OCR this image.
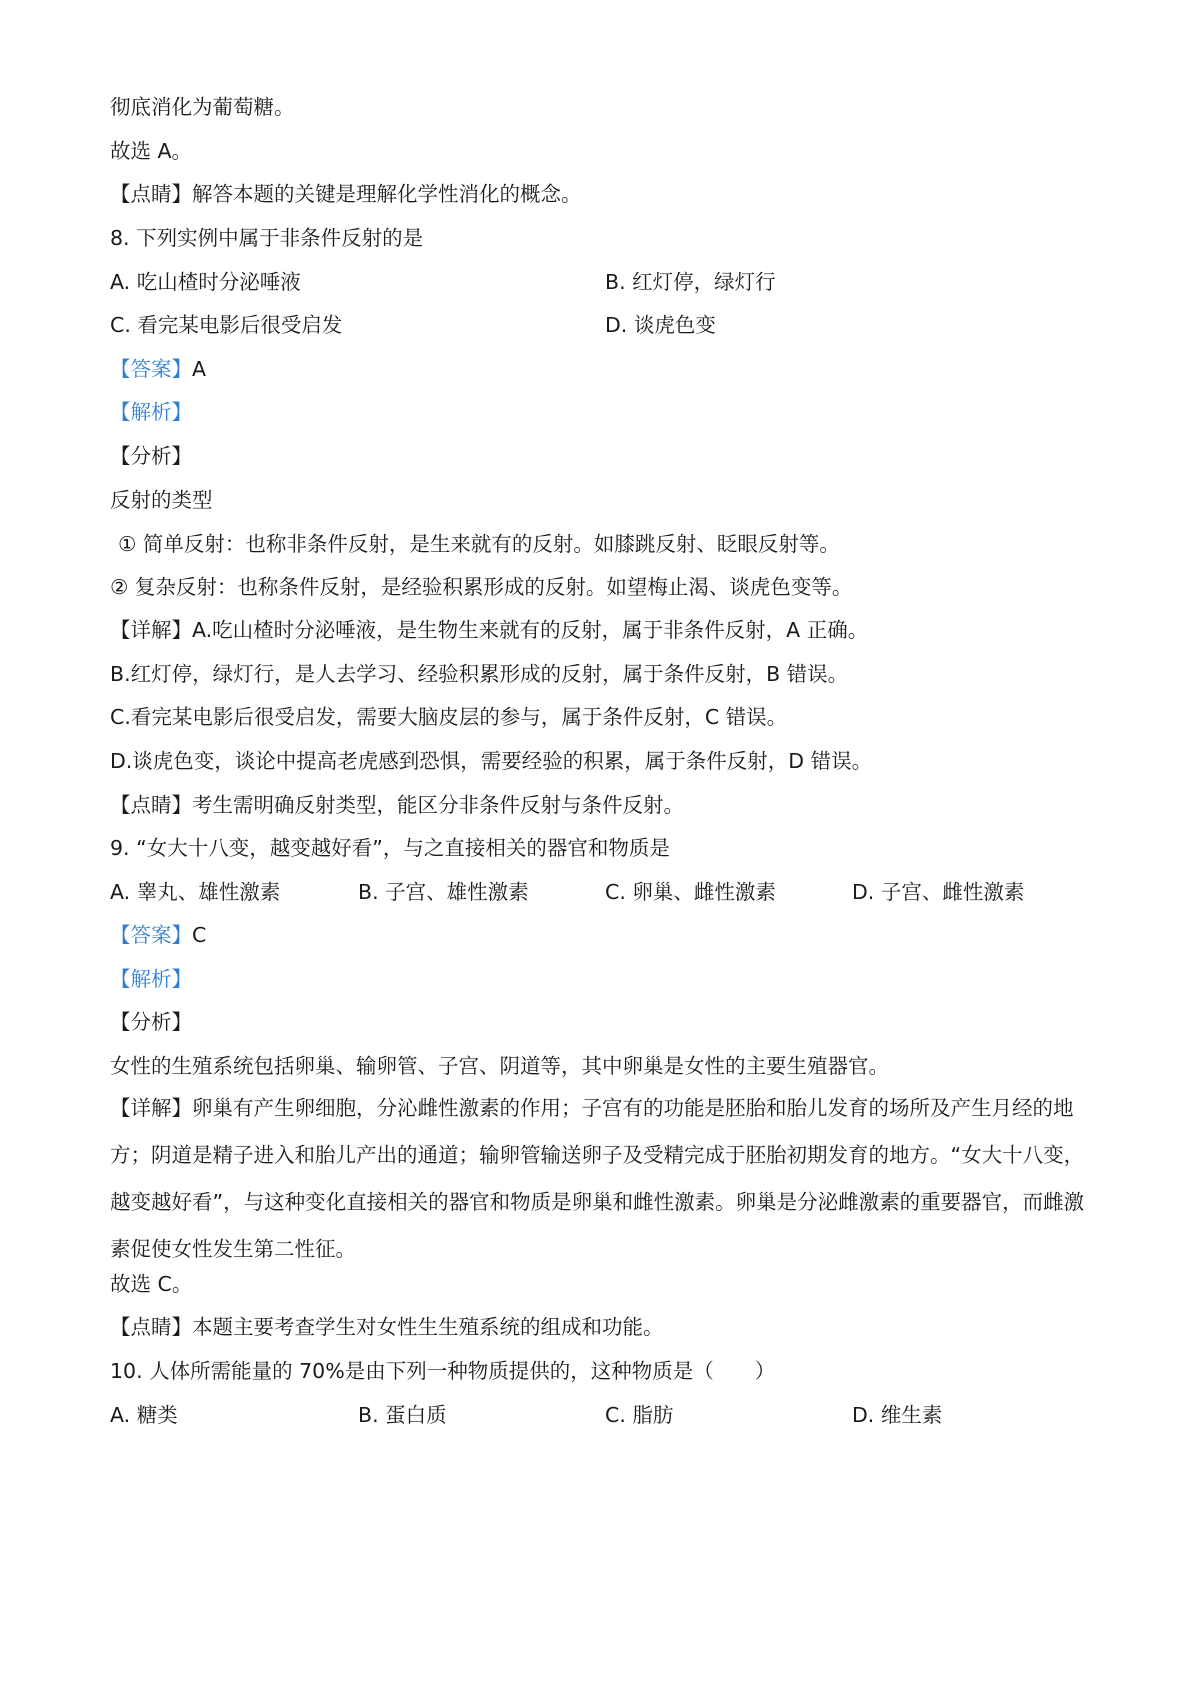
彻底消化为葡萄糖。
故选 A。
【点睛】解答本题的关键是理解化学性消化的概念。
8. 下列实例中属于非条件反射的是
A. 吃山楂时分泌唾液	B. 红灯停，绿灯行
C. 看完某电影后很受启发	D. 谈虎色变
【答案】A
【解析】
【分析】
反射的类型
① 简单反射：也称非条件反射，是生来就有的反射。如膝跳反射、眨眼反射等。
② 复杂反射：也称条件反射，是经验积累形成的反射。如望梅止渴、谈虎色变等。
【详解】A.吃山楂时分泌唾液，是生物生来就有的反射，属于非条件反射，A 正确。
B.红灯停，绿灯行，是人去学习、经验积累形成的反射，属于条件反射，B 错误。
C.看完某电影后很受启发，需要大脑皮层的参与，属于条件反射，C 错误。
D.谈虎色变，谈论中提高老虎感到恐惧，需要经验的积累，属于条件反射，D 错误。
【点睛】考生需明确反射类型，能区分非条件反射与条件反射。
9. “女大十八变，越变越好看”，与之直接相关的器官和物质是
A. 睾丸、雄性激素	B. 子宫、雄性激素	C. 卵巢、雌性激素	D. 子宫、雌性激素
【答案】C
【解析】
【分析】
女性的生殖系统包括卵巢、输卵管、子宫、阴道等，其中卵巢是女性的主要生殖器官。
【详解】卵巢有产生卵细胞，分沁雌性激素的作用；子宫有的功能是胚胎和胎儿发育的场所及产生月经的地方；阴道是精子进入和胎儿产出的通道；输卵管输送卵子及受精完成于胚胎初期发育的地方。“女大十八变，越变越好看”，与这种变化直接相关的器官和物质是卵巢和雌性激素。卵巢是分泌雌激素的重要器官，而雌激素促使女性发生第二性征。
故选 C。
【点睛】本题主要考查学生对女性生生殖系统的组成和功能。
10. 人体所需能量的 70%是由下列一种物质提供的，这种物质是（　　）
A. 糖类	B. 蛋白质	C. 脂肪	D. 维生素
